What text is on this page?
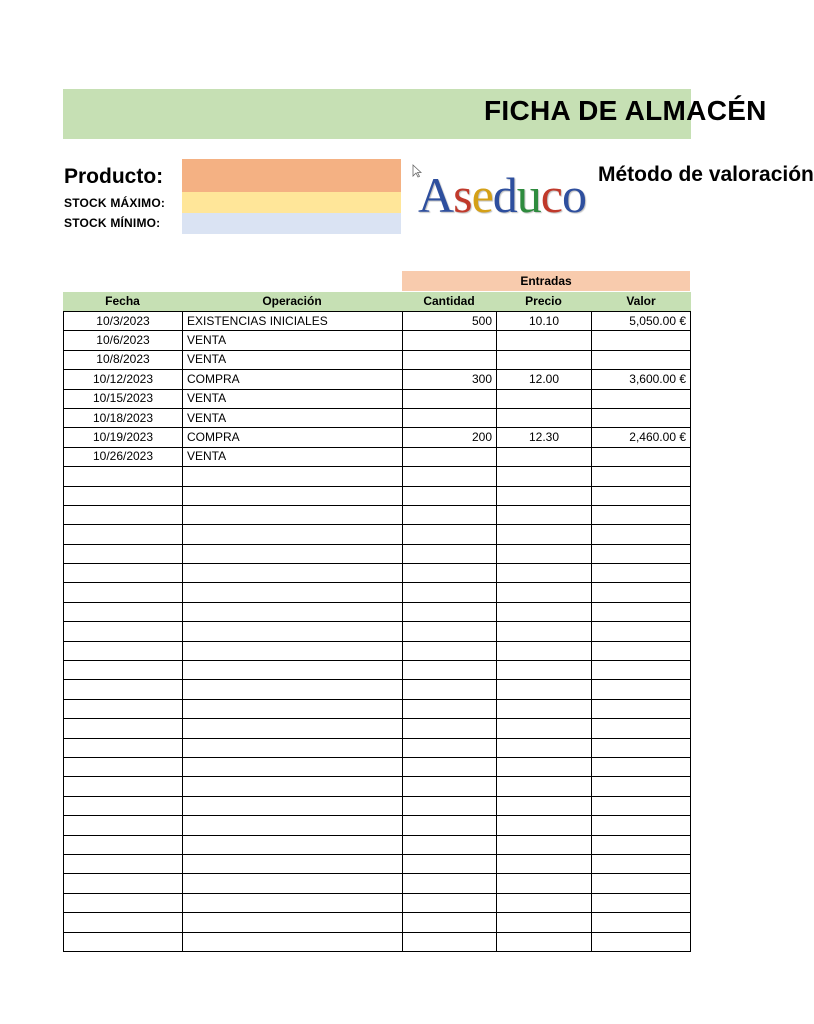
FICHA DE ALMACÉN
Producto:
STOCK MÁXIMO:
STOCK MÍNIMO:	Aseduco Método de valoración
Entradas
Fecha	Operación	Cantidad	Precio	Valor
10/3/2023	EXISTENCIAS INICIALES	500	10.10	5,050.00 €
10/6/2023	VENTA			
10/8/2023	VENTA			
10/12/2023	COMPRA	300	12.00	3,600.00 €
10/15/2023	VENTA			
10/18/2023	VENTA			
10/19/2023	COMPRA	200	12.30	2,460.00 €
10/26/2023	VENTA			
